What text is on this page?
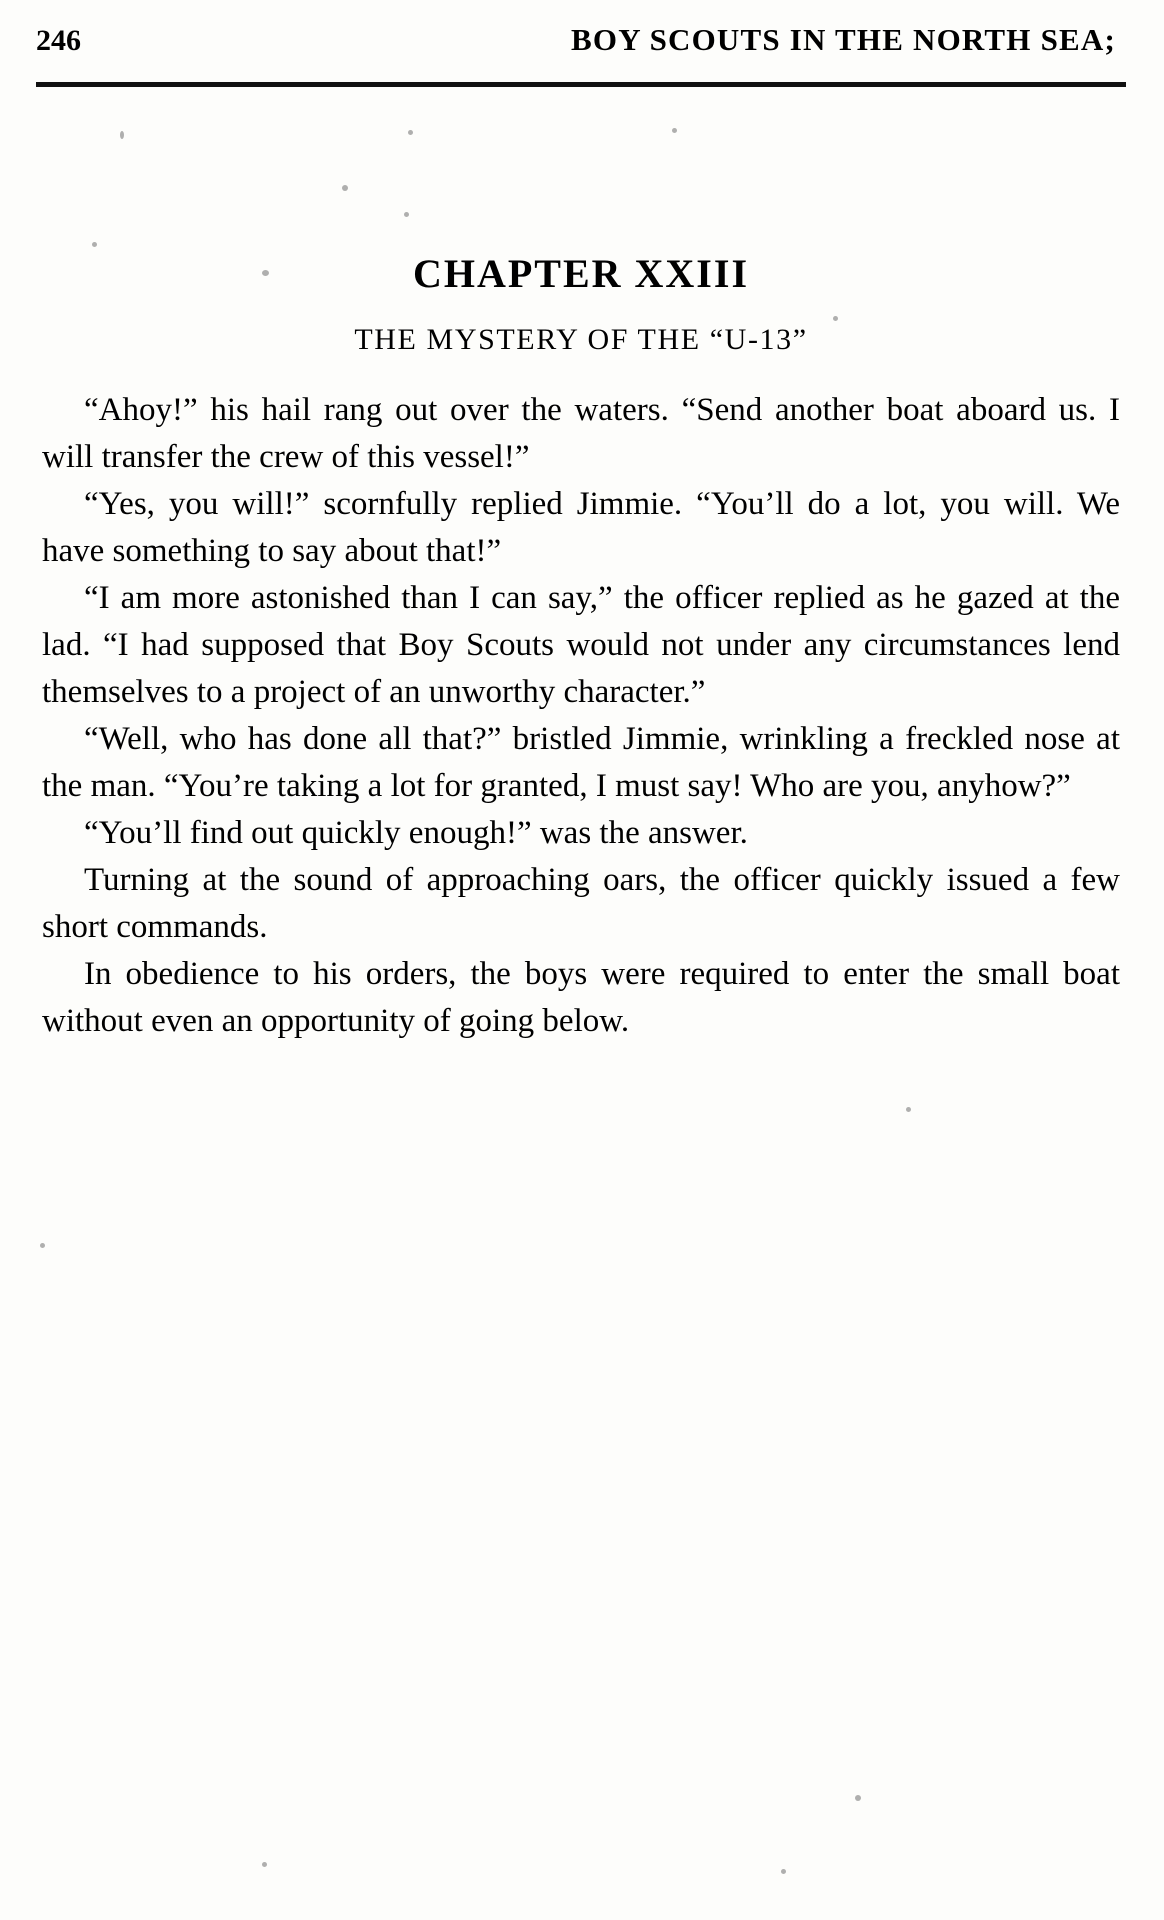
246	BOY SCOUTS IN THE NORTH SEA;
CHAPTER XXIII
THE MYSTERY OF THE “U-13”

“Ahoy!” his hail rang out over the waters. “Send another boat aboard us. I will transfer the crew of this vessel!”

“Yes, you will!” scornfully replied Jimmie. “You’ll do a lot, you will. We have something to say about that!”

“I am more astonished than I can say,” the officer replied as he gazed at the lad. “I had supposed that Boy Scouts would not under any circumstances lend themselves to a project of an unworthy character.”

“Well, who has done all that?” bristled Jimmie, wrinkling a freckled nose at the man. “You’re taking a lot for granted, I must say! Who are you, anyhow?”

“You’ll find out quickly enough!” was the answer.

Turning at the sound of approaching oars, the officer quickly issued a few short commands.

In obedience to his orders, the boys were required to enter the small boat without even an opportunity of going below.
